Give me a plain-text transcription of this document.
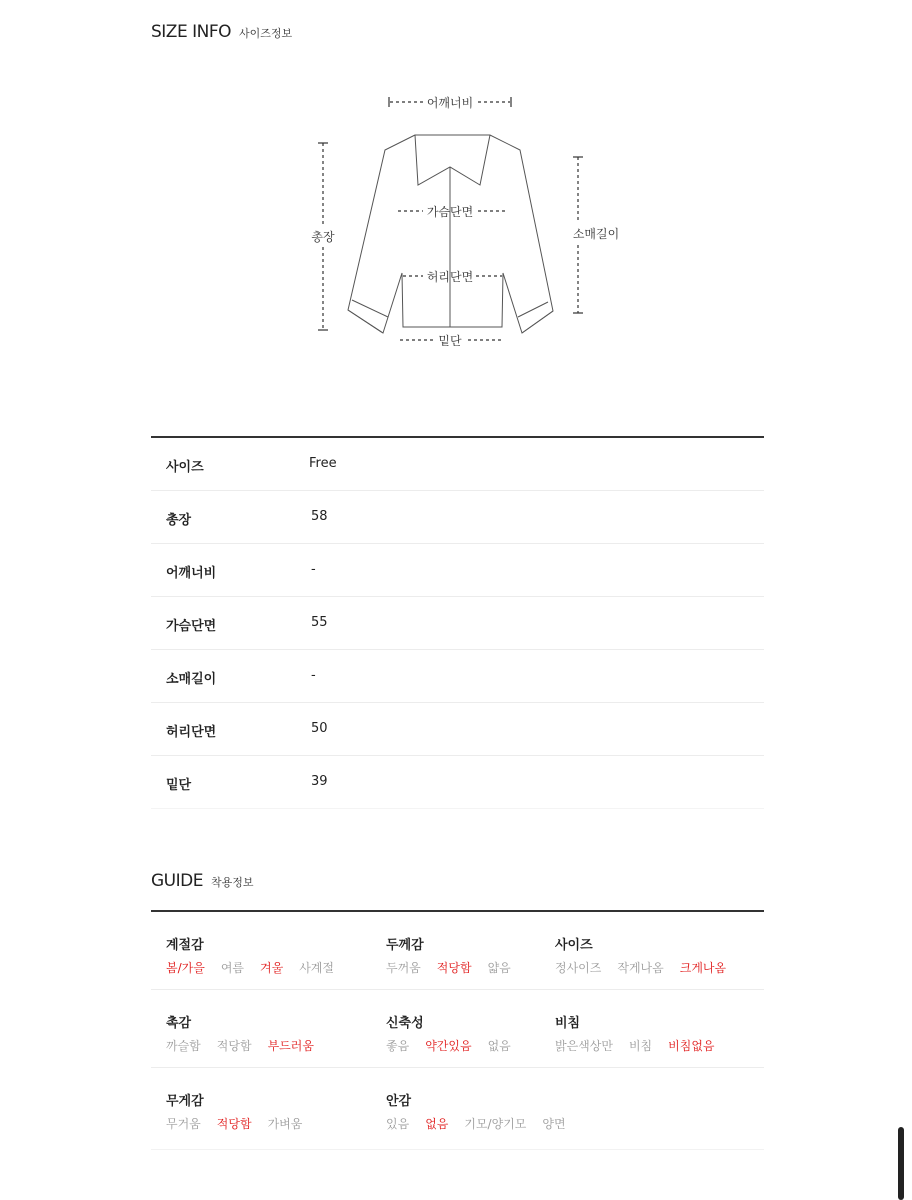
SIZE INFO 사이즈정보
어깨너비
총장
가슴단면
소매길이
허리단면
밑단
사이즈	Free
총장	58
어깨너비	-
가슴단면	55
소매길이	-
허리단면	50
밑단	39
GUIDE 착용정보
계절감
봄/가을 여름 겨울 사계절
두께감
두꺼움 적당함 얇음
사이즈
정사이즈 작게나옴 크게나옴
촉감
까슬함 적당함 부드러움
신축성
좋음 약간있음 없음
비침
밝은색상만 비침 비침없음
무게감
무거움 적당함 가벼움
안감
있음 없음 기모/양기모 양면
